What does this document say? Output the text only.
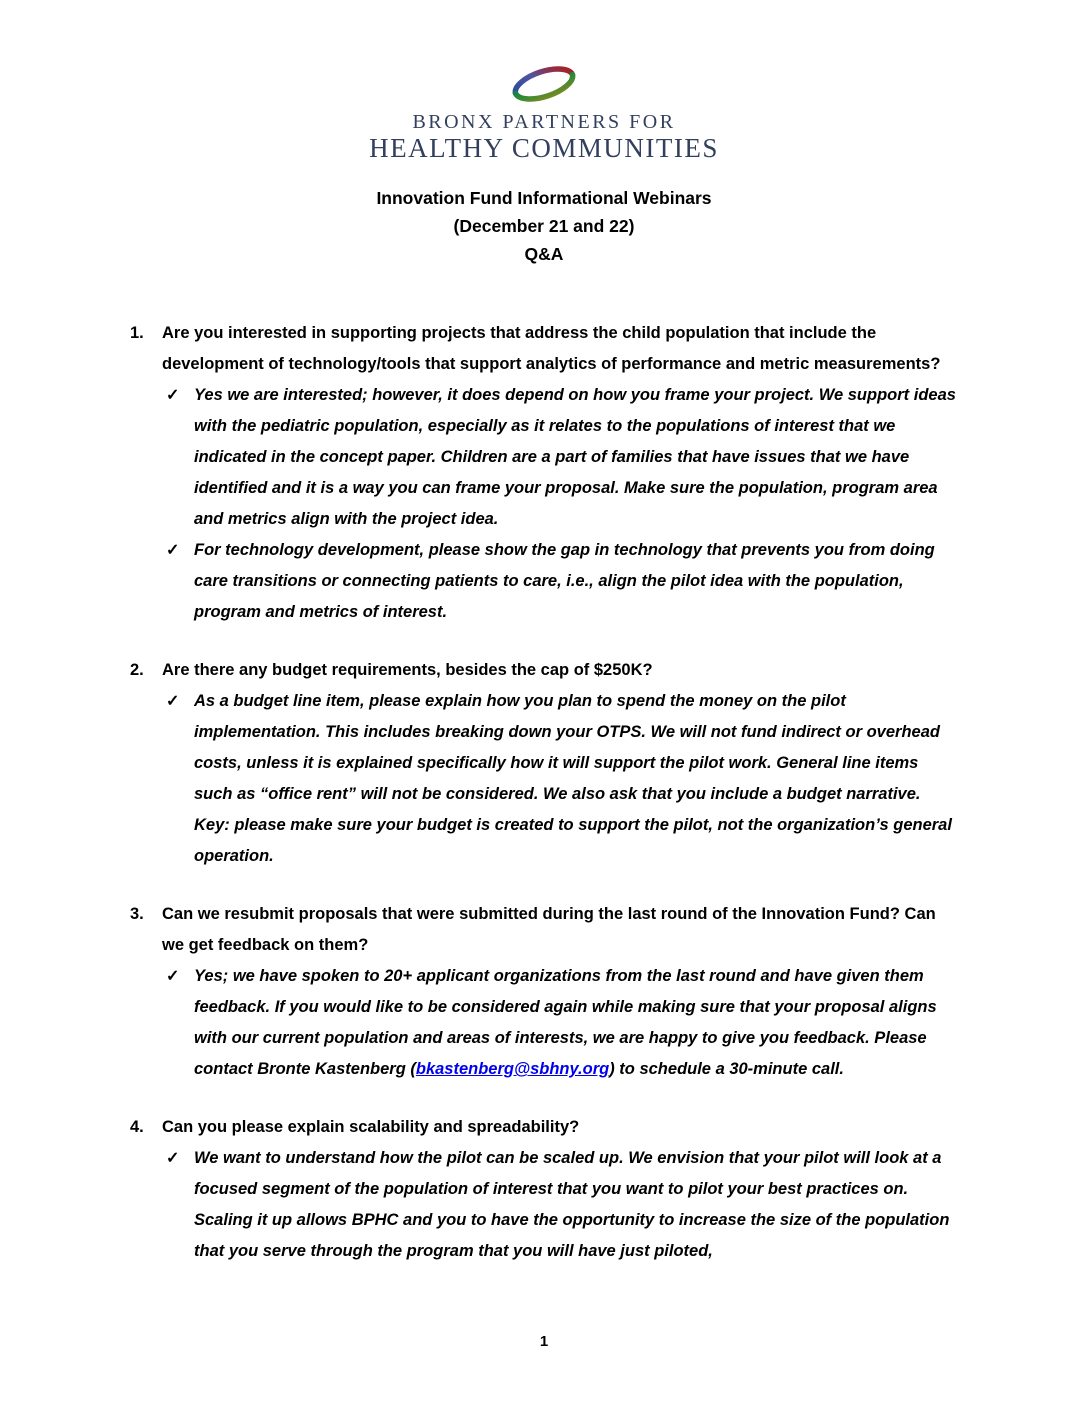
BRONX PARTNERS FOR
HEALTHY COMMUNITIES
Innovation Fund Informational Webinars
(December 21 and 22)
Q&A
1.	Are you interested in supporting projects that address the child population that include the development of technology/tools that support analytics of performance and metric measurements?
✓ Yes we are interested; however, it does depend on how you frame your project. We support ideas with the pediatric population, especially as it relates to the populations of interest that we indicated in the concept paper. Children are a part of families that have issues that we have identified and it is a way you can frame your proposal. Make sure the population, program area and metrics align with the project idea.
✓ For technology development, please show the gap in technology that prevents you from doing care transitions or connecting patients to care, i.e., align the pilot idea with the population, program and metrics of interest.
2.	Are there any budget requirements, besides the cap of $250K?
✓ As a budget line item, please explain how you plan to spend the money on the pilot implementation. This includes breaking down your OTPS. We will not fund indirect or overhead costs, unless it is explained specifically how it will support the pilot work. General line items such as “office rent” will not be considered. We also ask that you include a budget narrative. Key: please make sure your budget is created to support the pilot, not the organization’s general operation.
3.	Can we resubmit proposals that were submitted during the last round of the Innovation Fund? Can we get feedback on them?
✓ Yes; we have spoken to 20+ applicant organizations from the last round and have given them feedback. If you would like to be considered again while making sure that your proposal aligns with our current population and areas of interests, we are happy to give you feedback. Please contact Bronte Kastenberg (bkastenberg@sbhny.org) to schedule a 30-minute call.
4.	Can you please explain scalability and spreadability?
✓ We want to understand how the pilot can be scaled up. We envision that your pilot will look at a focused segment of the population of interest that you want to pilot your best practices on. Scaling it up allows BPHC and you to have the opportunity to increase the size of the population that you serve through the program that you will have just piloted,
1
